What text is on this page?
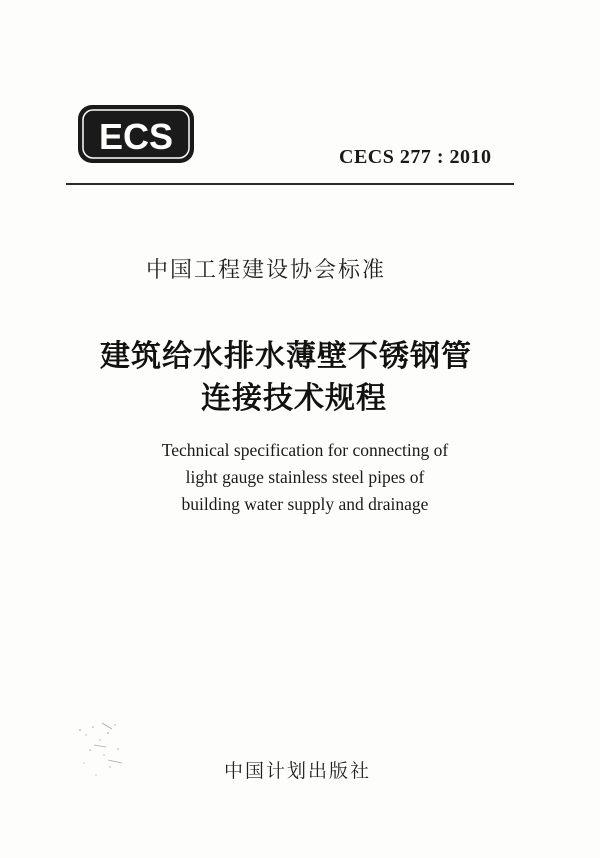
ECS	CECS 277 : 2010
中国工程建设协会标准
建筑给水排水薄壁不锈钢管
连接技术规程
Technical specification for connecting of
light gauge stainless steel pipes of
building water supply and drainage
中国计划出版社
